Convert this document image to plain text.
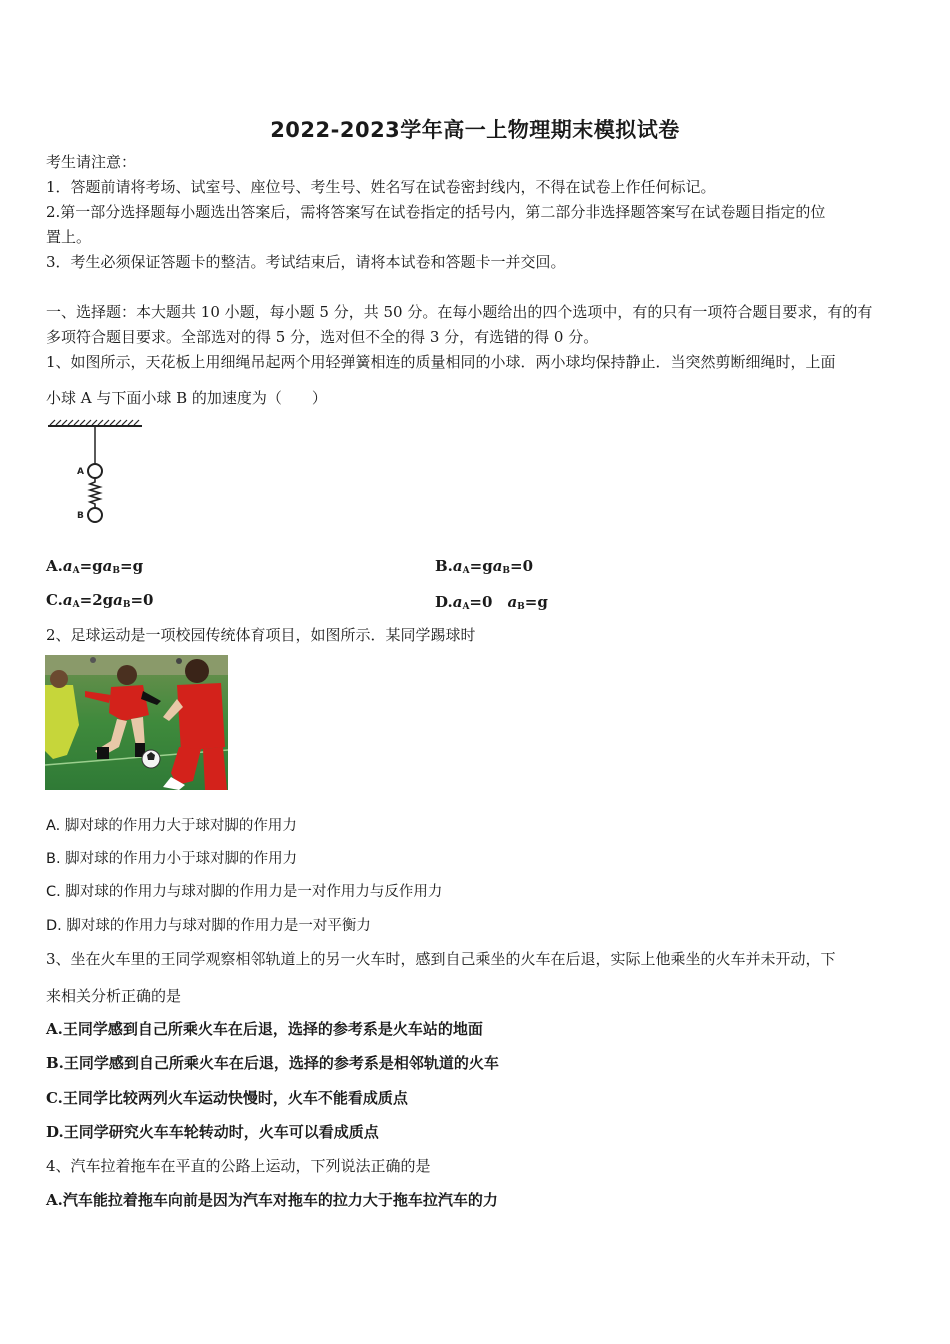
2022-2023学年高一上物理期末模拟试卷
考生请注意：
1．答题前请将考场、试室号、座位号、考生号、姓名写在试卷密封线内，不得在试卷上作任何标记。
2.第一部分选择题每小题选出答案后，需将答案写在试卷指定的括号内，第二部分非选择题答案写在试卷题目指定的位
置上。
3．考生必须保证答题卡的整洁。考试结束后，请将本试卷和答题卡一并交回。
一、选择题：本大题共 10 小题，每小题 5 分，共 50 分。在每小题给出的四个选项中，有的只有一项符合题目要求，有的有
多项符合题目要求。全部选对的得 5 分，选对但不全的得 3 分，有选错的得 0 分。
1、如图所示，天花板上用细绳吊起两个用轻弹簧相连的质量相同的小球．两小球均保持静止．当突然剪断细绳时，上面
小球 A 与下面小球 B 的加速度为（　　）
A
B
$A.a_A=ga_B=g$	$B.a_A=ga_B=0$
$C.a_A=2ga_B=0$	$D.a_A=0$　$a_B=g$
2、足球运动是一项校园传统体育项目，如图所示．某同学踢球时
A. 脚对球的作用力大于球对脚的作用力
B. 脚对球的作用力小于球对脚的作用力
C. 脚对球的作用力与球对脚的作用力是一对作用力与反作用力
D. 脚对球的作用力与球对脚的作用力是一对平衡力
3、坐在火车里的王同学观察相邻轨道上的另一火车时，感到自己乘坐的火车在后退，实际上他乘坐的火车并未开动，下
来相关分析正确的是
A.王同学感到自己所乘火车在后退，选择的参考系是火车站的地面
B.王同学感到自己所乘火车在后退，选择的参考系是相邻轨道的火车
C.王同学比较两列火车运动快慢时，火车不能看成质点
D.王同学研究火车车轮转动时，火车可以看成质点
4、汽车拉着拖车在平直的公路上运动，下列说法正确的是
A.汽车能拉着拖车向前是因为汽车对拖车的拉力大于拖车拉汽车的力
